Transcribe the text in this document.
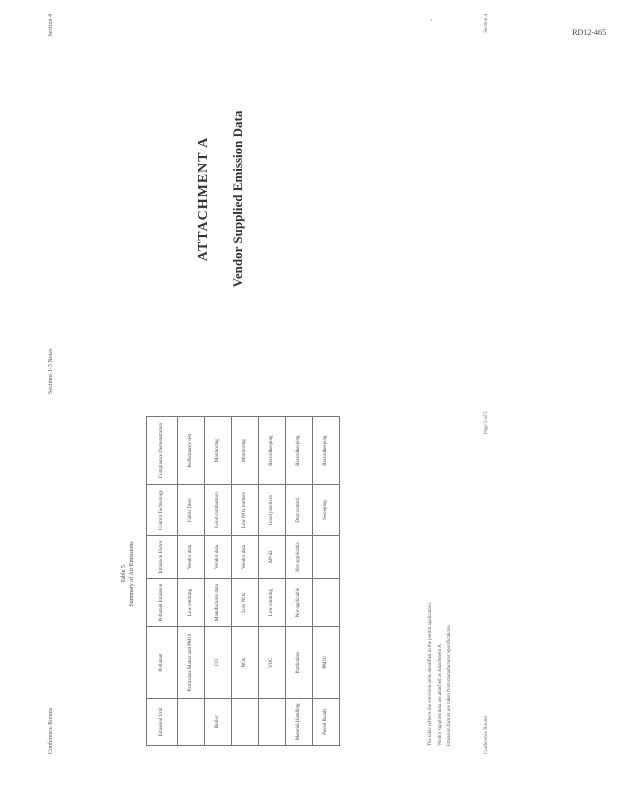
`
RD12-465
Conference Rooms
Sections 1-3 Notes
Section 4
Table 5 Summary of Air Emissions
Emission Unit	Pollutant	Pollutant Emission	Emission Factor	Control Technology	Compliance Demonstration
	Particulate Matter and PM10	Low emitting	Vendor data	Fabric filter	Performance test
Boiler	CO	Manufacturer data	Vendor data	Good combustion	Monitoring
	NOx	Low NOx	Vendor data	Low NOx burners	Monitoring
	VOC	Low emitting	AP-42	Good practices	Recordkeeping
Material Handling	Particulate	Not applicable	Not applicable	Dust control	Recordkeeping
Paved Roads	PM10			Sweeping	Recordkeeping

The table reflects the emission units identified in the permit application. Vendor supplied data are attached as Attachment A. Emission factors are taken from manufacturer specifications.

ATTACHMENT A Vendor Supplied Emission Data
Conference Rooms
Page 5 of 5
Section 4
